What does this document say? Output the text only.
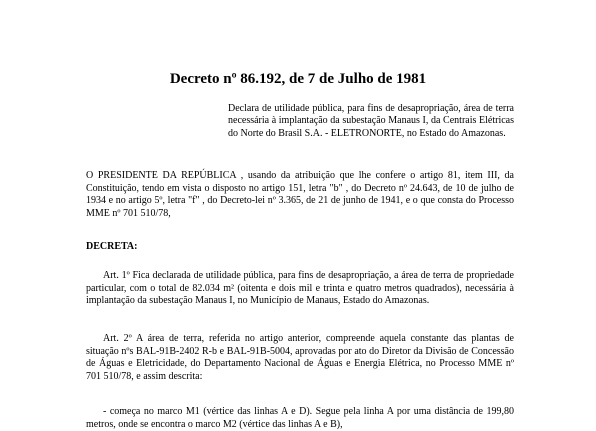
Decreto nº 86.192, de 7 de Julho de 1981
Declara de utilidade pública, para fins de desapropriação, área de terra necessária à implantação da subestação Manaus I, da Centrais Elétricas do Norte do Brasil S.A. - ELETRONORTE, no Estado do Amazonas.
O PRESIDENTE DA REPÚBLICA , usando da atribuição que lhe confere o artigo 81, item III, da Constituição, tendo em vista o disposto no artigo 151, letra "b" , do Decreto nº 24.643, de 10 de julho de 1934 e no artigo 5º, letra "f" , do Decreto-lei nº 3.365, de 21 de junho de 1941, e o que consta do Processo MME nº 701 510/78,
DECRETA:
Art. 1º Fica declarada de utilidade pública, para fins de desapropriação, a área de terra de propriedade particular, com o total de 82.034 m² (oitenta e dois mil e trinta e quatro metros quadrados), necessária à implantação da subestação Manaus I, no Município de Manaus, Estado do Amazonas.
Art. 2º A área de terra, referida no artigo anterior, compreende aquela constante das plantas de situação nºs BAL-91B-2402 R-b e BAL-91B-5004, aprovadas por ato do Diretor da Divisão de Concessão de Águas e Eletricidade, do Departamento Nacional de Águas e Energia Elétrica, no Processo MME nº 701 510/78, e assim descrita:
- começa no marco M1 (vértice das linhas A e D). Segue pela linha A por uma distância de 199,80 metros, onde se encontra o marco M2 (vértice das linhas A e B),
